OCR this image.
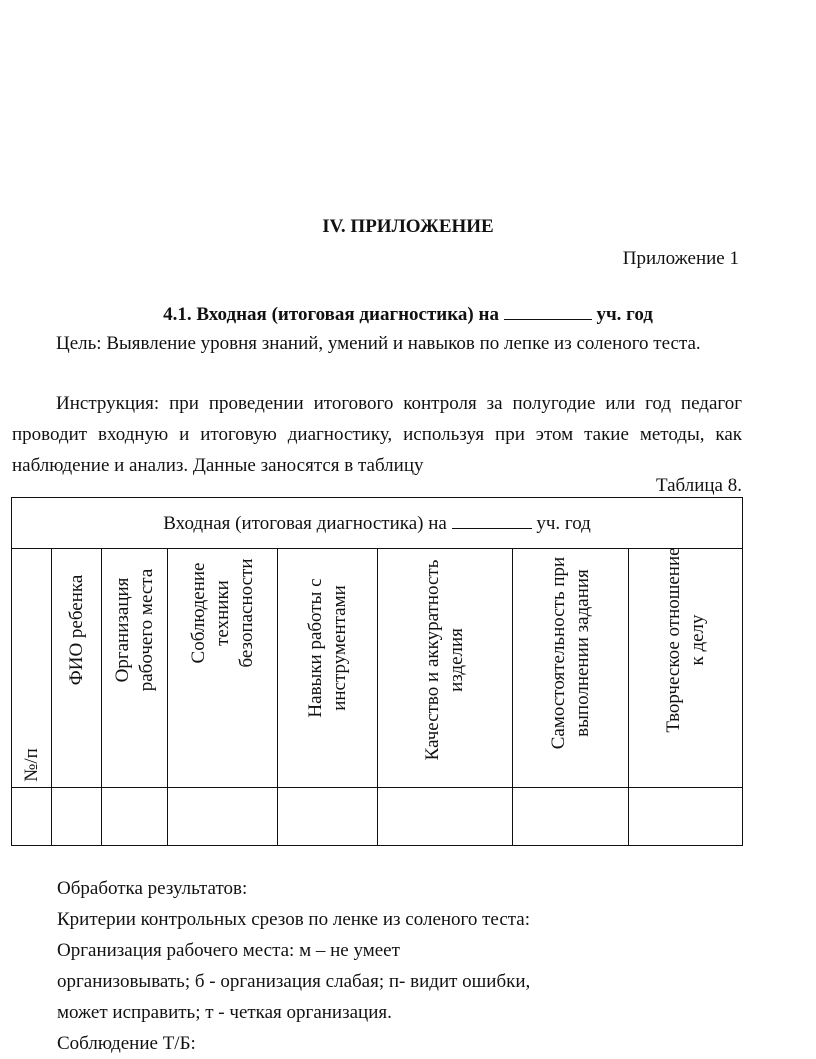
IV. ПРИЛОЖЕНИЕ
Приложение 1
4.1. Входная (итоговая диагностика) на	уч. год
Цель: Выявление уровня знаний, умений и навыков по лепке из соленого теста.
Инструкция: при проведении итогового контроля за полугодие или год педагог проводит входную и итоговую диагностику, используя при этом такие методы, как наблюдение и анализ. Данные заносятся в таблицу
Таблица 8.
Входная (итоговая диагностика) на уч. год							

№/п	ФИО ребенка	Организация рабочего места	Соблюдение техники безопасности	Навыки работы с инструментами	Качество и аккуратность изделия	Самостоятельность при выполнении задания	Творческое отношение к делу

Обработка результатов:
Критерии контрольных срезов по ленке из соленого теста:
Организация рабочего места: м – не умеет
организовывать; б - организация слабая; п- видит ошибки,
может исправить; т - четкая организация.
Соблюдение Т/Б:
